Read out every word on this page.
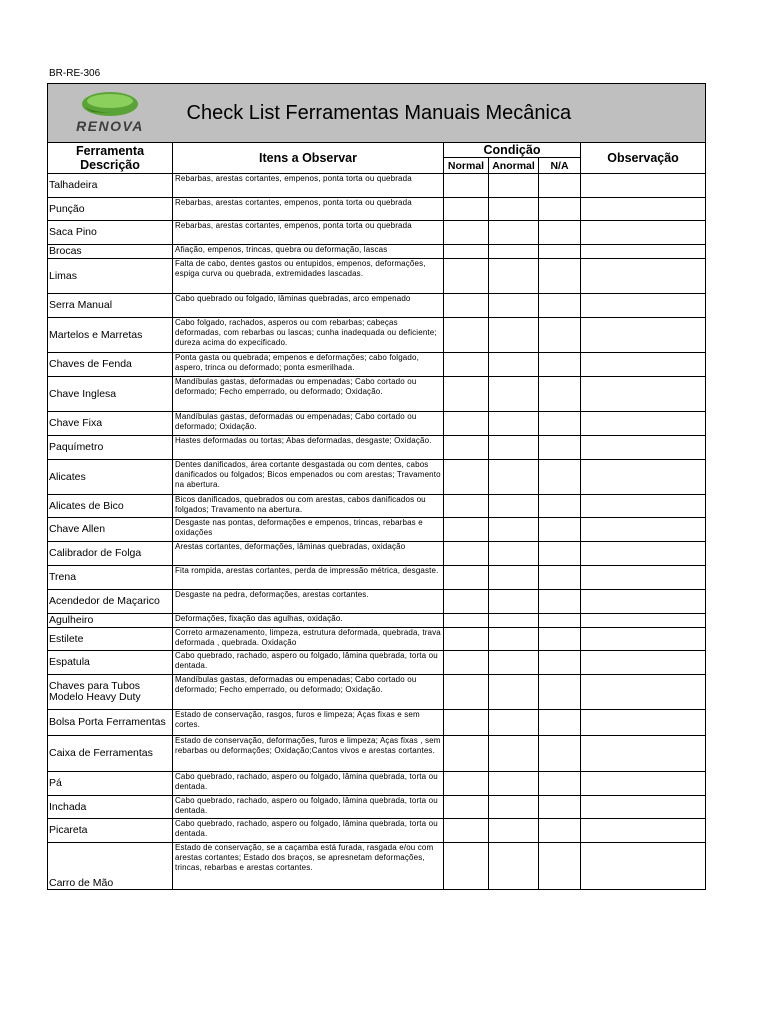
BR-RE-306
RENOVA	Check List Ferramentas Manuais Mecânica				

Ferramenta
Descrição	Itens a Observar	Condição			Observação
		Normal	Anormal	N/A	
Talhadeira	Rebarbas, arestas cortantes, empenos, ponta torta ou quebrada				
Punção	Rebarbas, arestas cortantes, empenos, ponta torta ou quebrada				
Saca Pino	Rebarbas, arestas cortantes, empenos, ponta torta ou quebrada				
Brocas	Afiação, empenos, trincas, quebra ou deformação, lascas				
Limas	Falta de cabo, dentes gastos ou entupidos, empenos, deformações, espiga curva ou quebrada, extremidades lascadas.				
Serra Manual	Cabo quebrado ou folgado, lâminas quebradas, arco empenado				
Martelos e Marretas	Cabo folgado, rachados, asperos ou com rebarbas; cabeças deformadas, com rebarbas ou lascas; cunha inadequada ou deficiente; dureza acima do expecificado.				
Chaves de Fenda	Ponta gasta ou quebrada; empenos e deformações; cabo folgado, aspero, trinca ou deformado; ponta esmerilhada.				
Chave Inglesa	Mandíbulas gastas, deformadas ou empenadas; Cabo cortado ou deformado; Fecho emperrado, ou deformado; Oxidação.				
Chave Fixa	Mandíbulas gastas, deformadas ou empenadas; Cabo cortado ou deformado; Oxidação.				
Paquímetro	Hastes deformadas ou tortas; Abas deformadas, desgaste; Oxidação.				
Alicates	Dentes danificados, área cortante desgastada ou com dentes, cabos danificados ou folgados; Bicos empenados ou com arestas; Travamento na abertura.				
Alicates de Bico	Bicos danificados, quebrados ou com arestas, cabos danificados ou folgados; Travamento na abertura.				
Chave Allen	Desgaste nas pontas, deformações e empenos, trincas, rebarbas e oxidações				
Calibrador de Folga	Arestas cortantes, deformações, lâminas quebradas, oxidação				
Trena	Fita rompida, arestas cortantes, perda de impressão métrica, desgaste.				
Acendedor de Maçarico	Desgaste na pedra, deformações, arestas cortantes.				
Agulheiro	Deformações, fixação das agulhas, oxidação.				
Estilete	Correto armazenamento, limpeza, estrutura deformada, quebrada, trava deformada , quebrada. Oxidação				
Espatula	Cabo quebrado, rachado, aspero ou folgado, lâmina quebrada, torta ou dentada.				
Chaves para Tubos Modelo Heavy Duty	Mandíbulas gastas, deformadas ou empenadas; Cabo cortado ou deformado; Fecho emperrado, ou deformado; Oxidação.				
Bolsa Porta Ferramentas	Estado de conservação, rasgos, furos e limpeza; Aças fixas e sem cortes.				
Caixa de Ferramentas	Estado de conservação, deformações, furos e limpeza; Aças fixas , sem rebarbas ou deformações; Oxidação;Cantos vivos e arestas cortantes.				
Pá	Cabo quebrado, rachado, aspero ou folgado, lâmina quebrada, torta ou dentada.				
Inchada	Cabo quebrado, rachado, aspero ou folgado, lâmina quebrada, torta ou dentada.				
Picareta	Cabo quebrado, rachado, aspero ou folgado, lâmina quebrada, torta ou dentada.				
Carro de Mão	Estado de conservação, se a caçamba está furada, rasgada e/ou com arestas cortantes; Estado dos braços, se apresnetam deformações, trincas, rebarbas e arestas cortantes.				
